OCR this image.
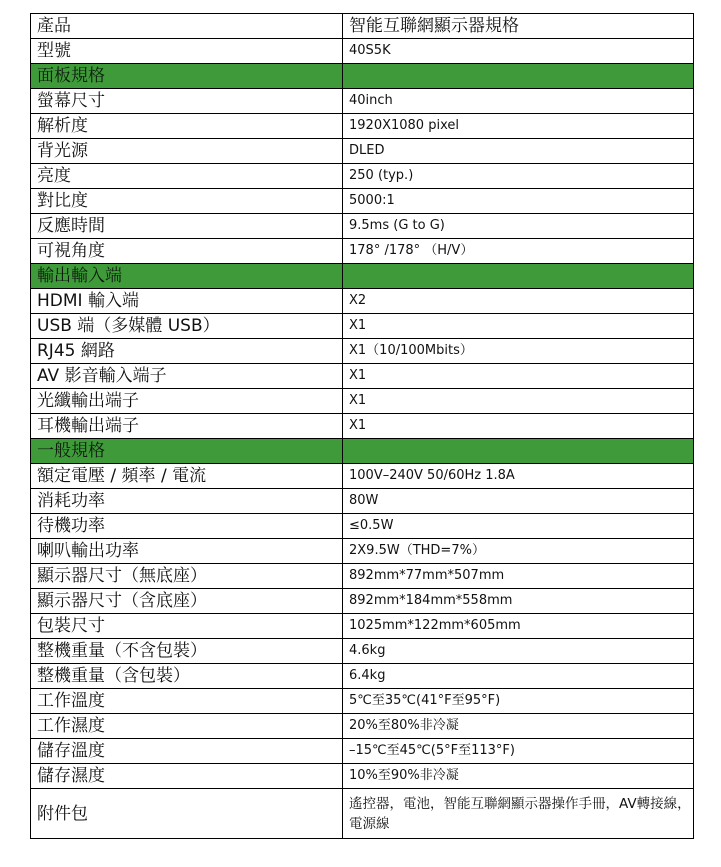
產品	智能互聯網顯示器規格
型號	40S5K
面板規格	
螢幕尺寸	40inch
解析度	1920X1080 pixel
背光源	DLED
亮度	250 (typ.)
對比度	5000:1
反應時間	9.5ms (G to G)
可視角度	178° /178° （H/V）
輸出輸入端	
HDMI 輸入端	X2
USB 端（多媒體 USB）	X1
RJ45 網路	X1（10/100Mbits）
AV 影音輸入端子	X1
光纖輸出端子	X1
耳機輸出端子	X1
一般規格	
額定電壓 / 頻率 / 電流	100V–240V 50/60Hz 1.8A
消耗功率	80W
待機功率	≤0.5W
喇叭輸出功率	2X9.5W（THD=7%）
顯示器尺寸（無底座）	892mm*77mm*507mm
顯示器尺寸（含底座）	892mm*184mm*558mm
包裝尺寸	1025mm*122mm*605mm
整機重量（不含包裝）	4.6kg
整機重量（含包裝）	6.4kg
工作溫度	5℃至35℃(41°F至95°F)
工作濕度	20%至80%非冷凝
儲存溫度	–15℃至45℃(5°F至113°F)
儲存濕度	10%至90%非冷凝
附件包	遙控器，電池，智能互聯網顯示器操作手冊，AV轉接線，電源線
